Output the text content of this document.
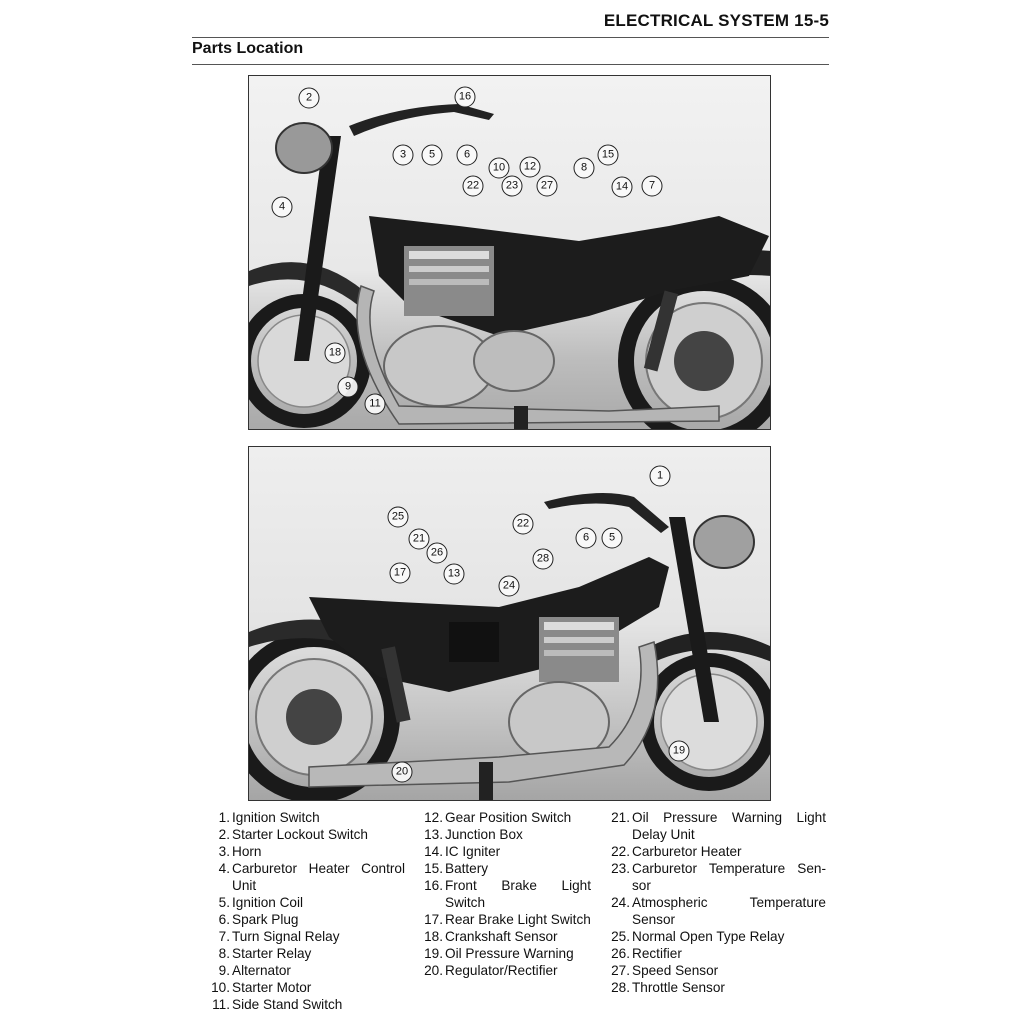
ELECTRICAL SYSTEM 15-5
Parts Location
2	16
3	5	6
22
10	12
23	27
8
15
14	7
4
18
9
11
1
25
22
21
26
6	5
28
17	13
24
19
20
1. Ignition Switch
2. Starter Lockout Switch
3. Horn
4. Carburetor Heater Control Unit
5. Ignition Coil
6. Spark Plug
7. Turn Signal Relay
8. Starter Relay
9. Alternator
10. Starter Motor
11. Side Stand Switch
12. Gear Position Switch
13. Junction Box
14. IC Igniter
15. Battery
16. Front Brake Light Switch
17. Rear Brake Light Switch
18. Crankshaft Sensor
19. Oil Pressure Warning
20. Regulator/Rectifier
21. Oil Pressure Warning Light Delay Unit
22. Carburetor Heater
23. Carburetor Temperature Sen-sor
24. Atmospheric Temperature Sensor
25. Normal Open Type Relay
26. Rectifier
27. Speed Sensor
28. Throttle Sensor
